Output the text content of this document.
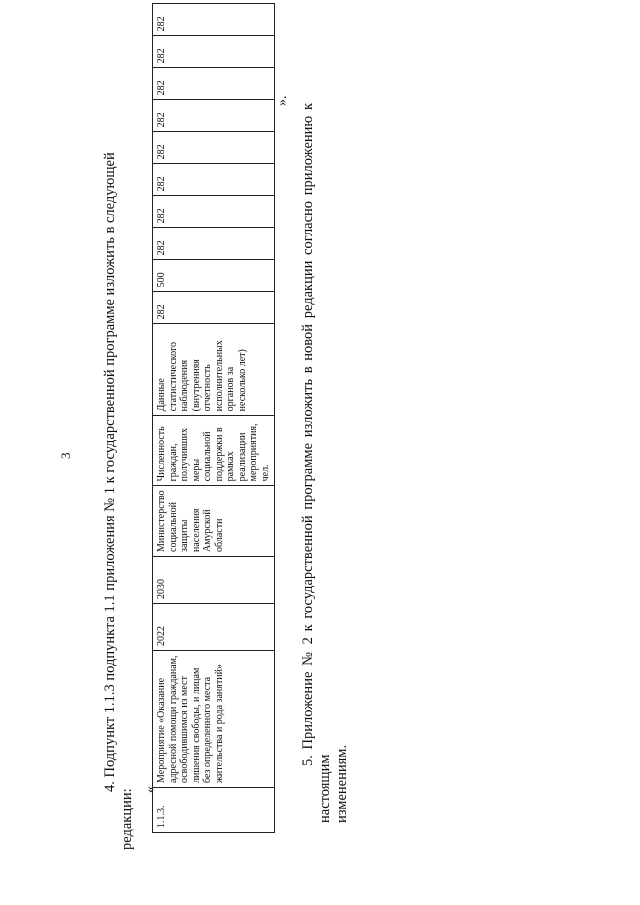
3 4. Подпункт 1.1.3 подпункта 1.1 приложения № 1 к государственной программе изложить в следующей
редакции: «
1.1.3.	Мероприятие «Оказание адресной помощи гражданам, освободившимся из мест лишения свободы, и лицам без определенного места жительства и рода занятий»	2022	2030	Министерство социальной защиты населения Амурской области	Численность граждан, получивших меры социальной поддержки в рамках реализации мероприятия, чел.	Данные статистического наблюдения (внутренняя отчетность исполнительных органов за несколько лет)	282	500	282	282	282	282	282	282	282	282
».
5. Приложение № 2 к государственной программе изложить в новой редакции согласно приложению к настоящим изменениям.
